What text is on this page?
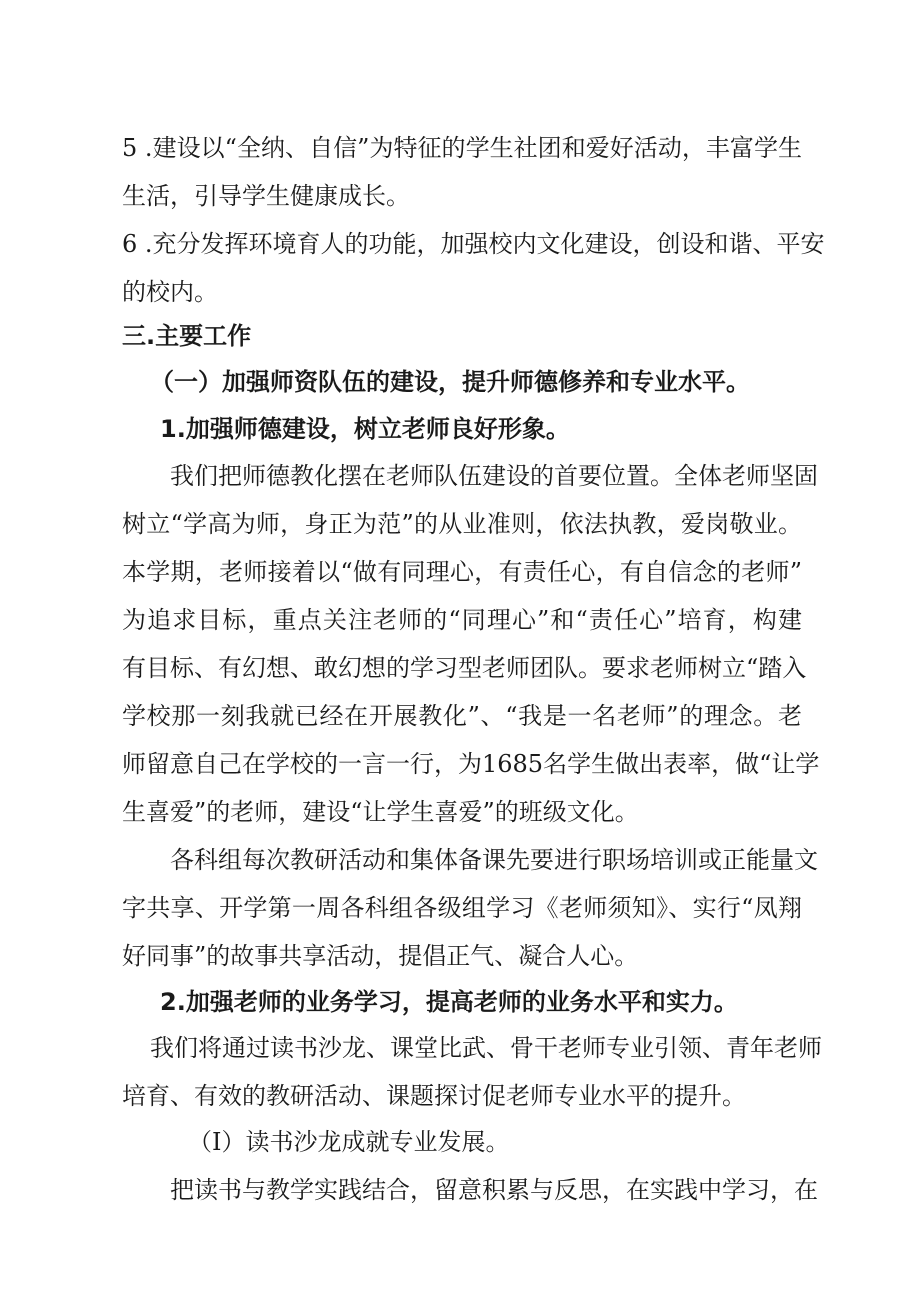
5 .建设以“全纳、自信”为特征的学生社团和爱好活动，丰富学生
生活，引导学生健康成长。
6 .充分发挥环境育人的功能，加强校内文化建设，创设和谐、平安
的校内。
三.主要工作
（一）加强师资队伍的建设，提升师德修养和专业水平。
1.加强师德建设，树立老师良好形象。
我们把师德教化摆在老师队伍建设的首要位置。全体老师坚固
树立“学高为师，身正为范”的从业准则，依法执教，爱岗敬业。
本学期，老师接着以“做有同理心，有责任心，有自信念的老师”
为追求目标，重点关注老师的“同理心”和“责任心”培育，构建
有目标、有幻想、敢幻想的学习型老师团队。要求老师树立“踏入
学校那一刻我就已经在开展教化”、“我是一名老师”的理念。老
师留意自己在学校的一言一行，为1685名学生做出表率，做“让学
生喜爱”的老师，建设“让学生喜爱”的班级文化。
各科组每次教研活动和集体备课先要进行职场培训或正能量文
字共享、开学第一周各科组各级组学习《老师须知》、实行“凤翔
好同事”的故事共享活动，提倡正气、凝合人心。
2.加强老师的业务学习，提高老师的业务水平和实力。
我们将通过读书沙龙、课堂比武、骨干老师专业引领、青年老师
培育、有效的教研活动、课题探讨促老师专业水平的提升。
（I）读书沙龙成就专业发展。
把读书与教学实践结合，留意积累与反思，在实践中学习，在
